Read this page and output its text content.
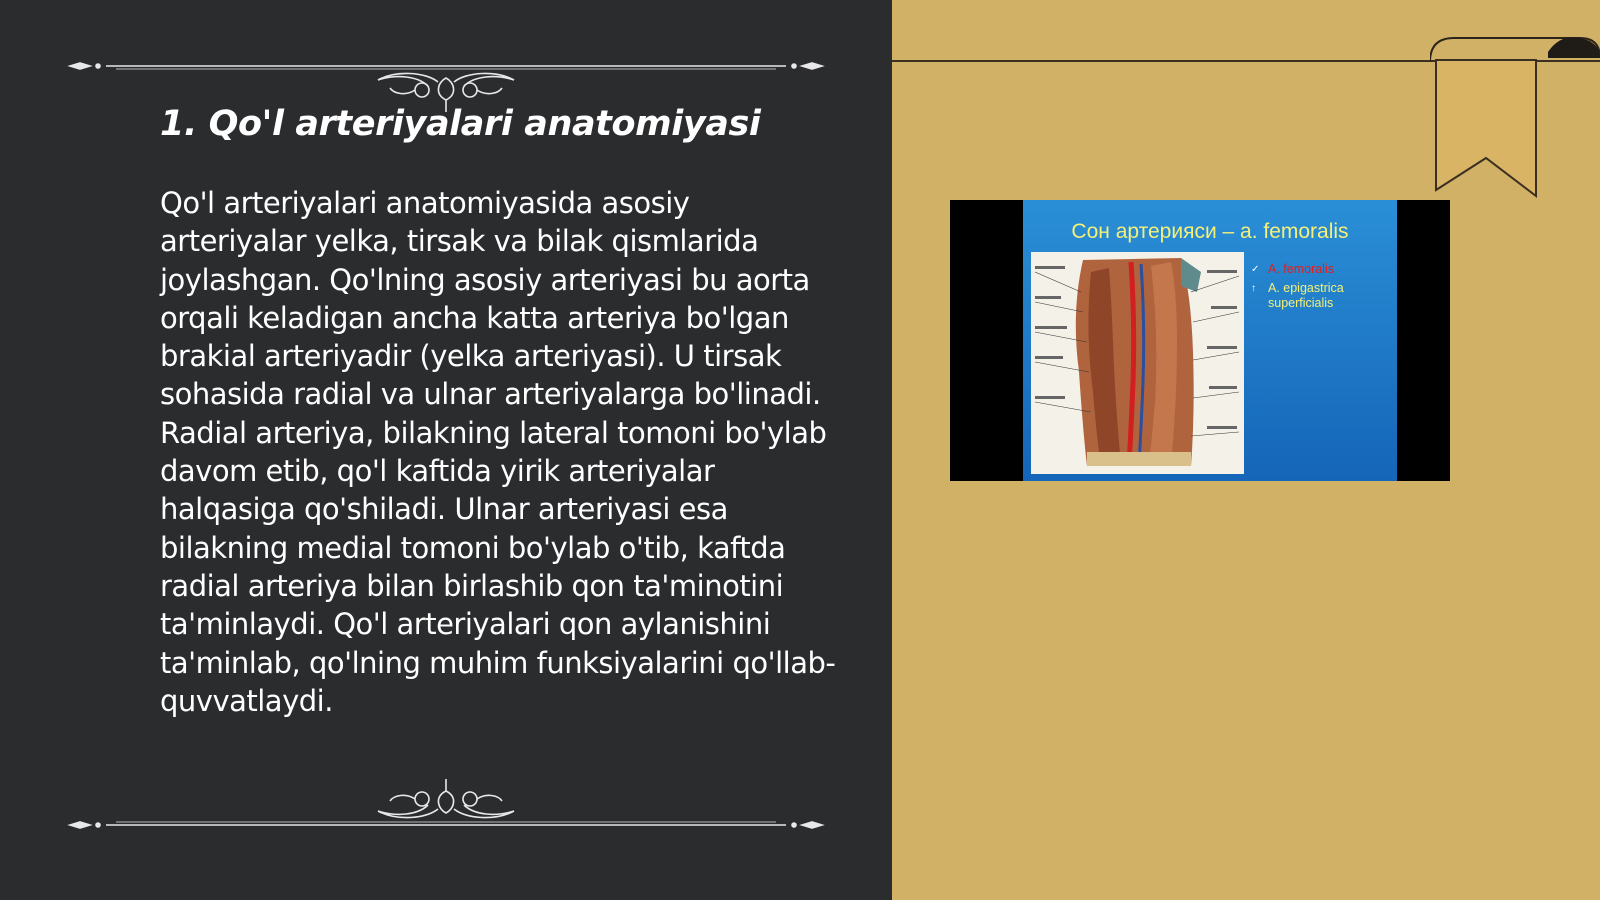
1. Qo'l arteriyalari anatomiyasi

Qo'l arteriyalari anatomiyasida asosiy arteriyalar yelka, tirsak va bilak qismlarida joylashgan. Qo'lning asosiy arteriyasi bu aorta orqali keladigan ancha katta arteriya bo'lgan brakial arteriyadir (yelka arteriyasi). U tirsak sohasida radial va ulnar arteriyalarga bo'linadi. Radial arteriya, bilakning lateral tomoni bo'ylab davom etib, qo'l kaftida yirik arteriyalar halqasiga qo'shiladi. Ulnar arteriyasi esa bilakning medial tomoni bo'ylab o'tib, kaftda radial arteriya bilan birlashib qon ta'minotini ta'minlaydi. Qo'l arteriyalari qon aylanishini ta'minlab, qo'lning muhim funksiyalarini qo'llab-quvvatlaydi.

Сон артерияси – a. femoralis

✓ A. femoralis
↑ A. epigastrica superficialis
